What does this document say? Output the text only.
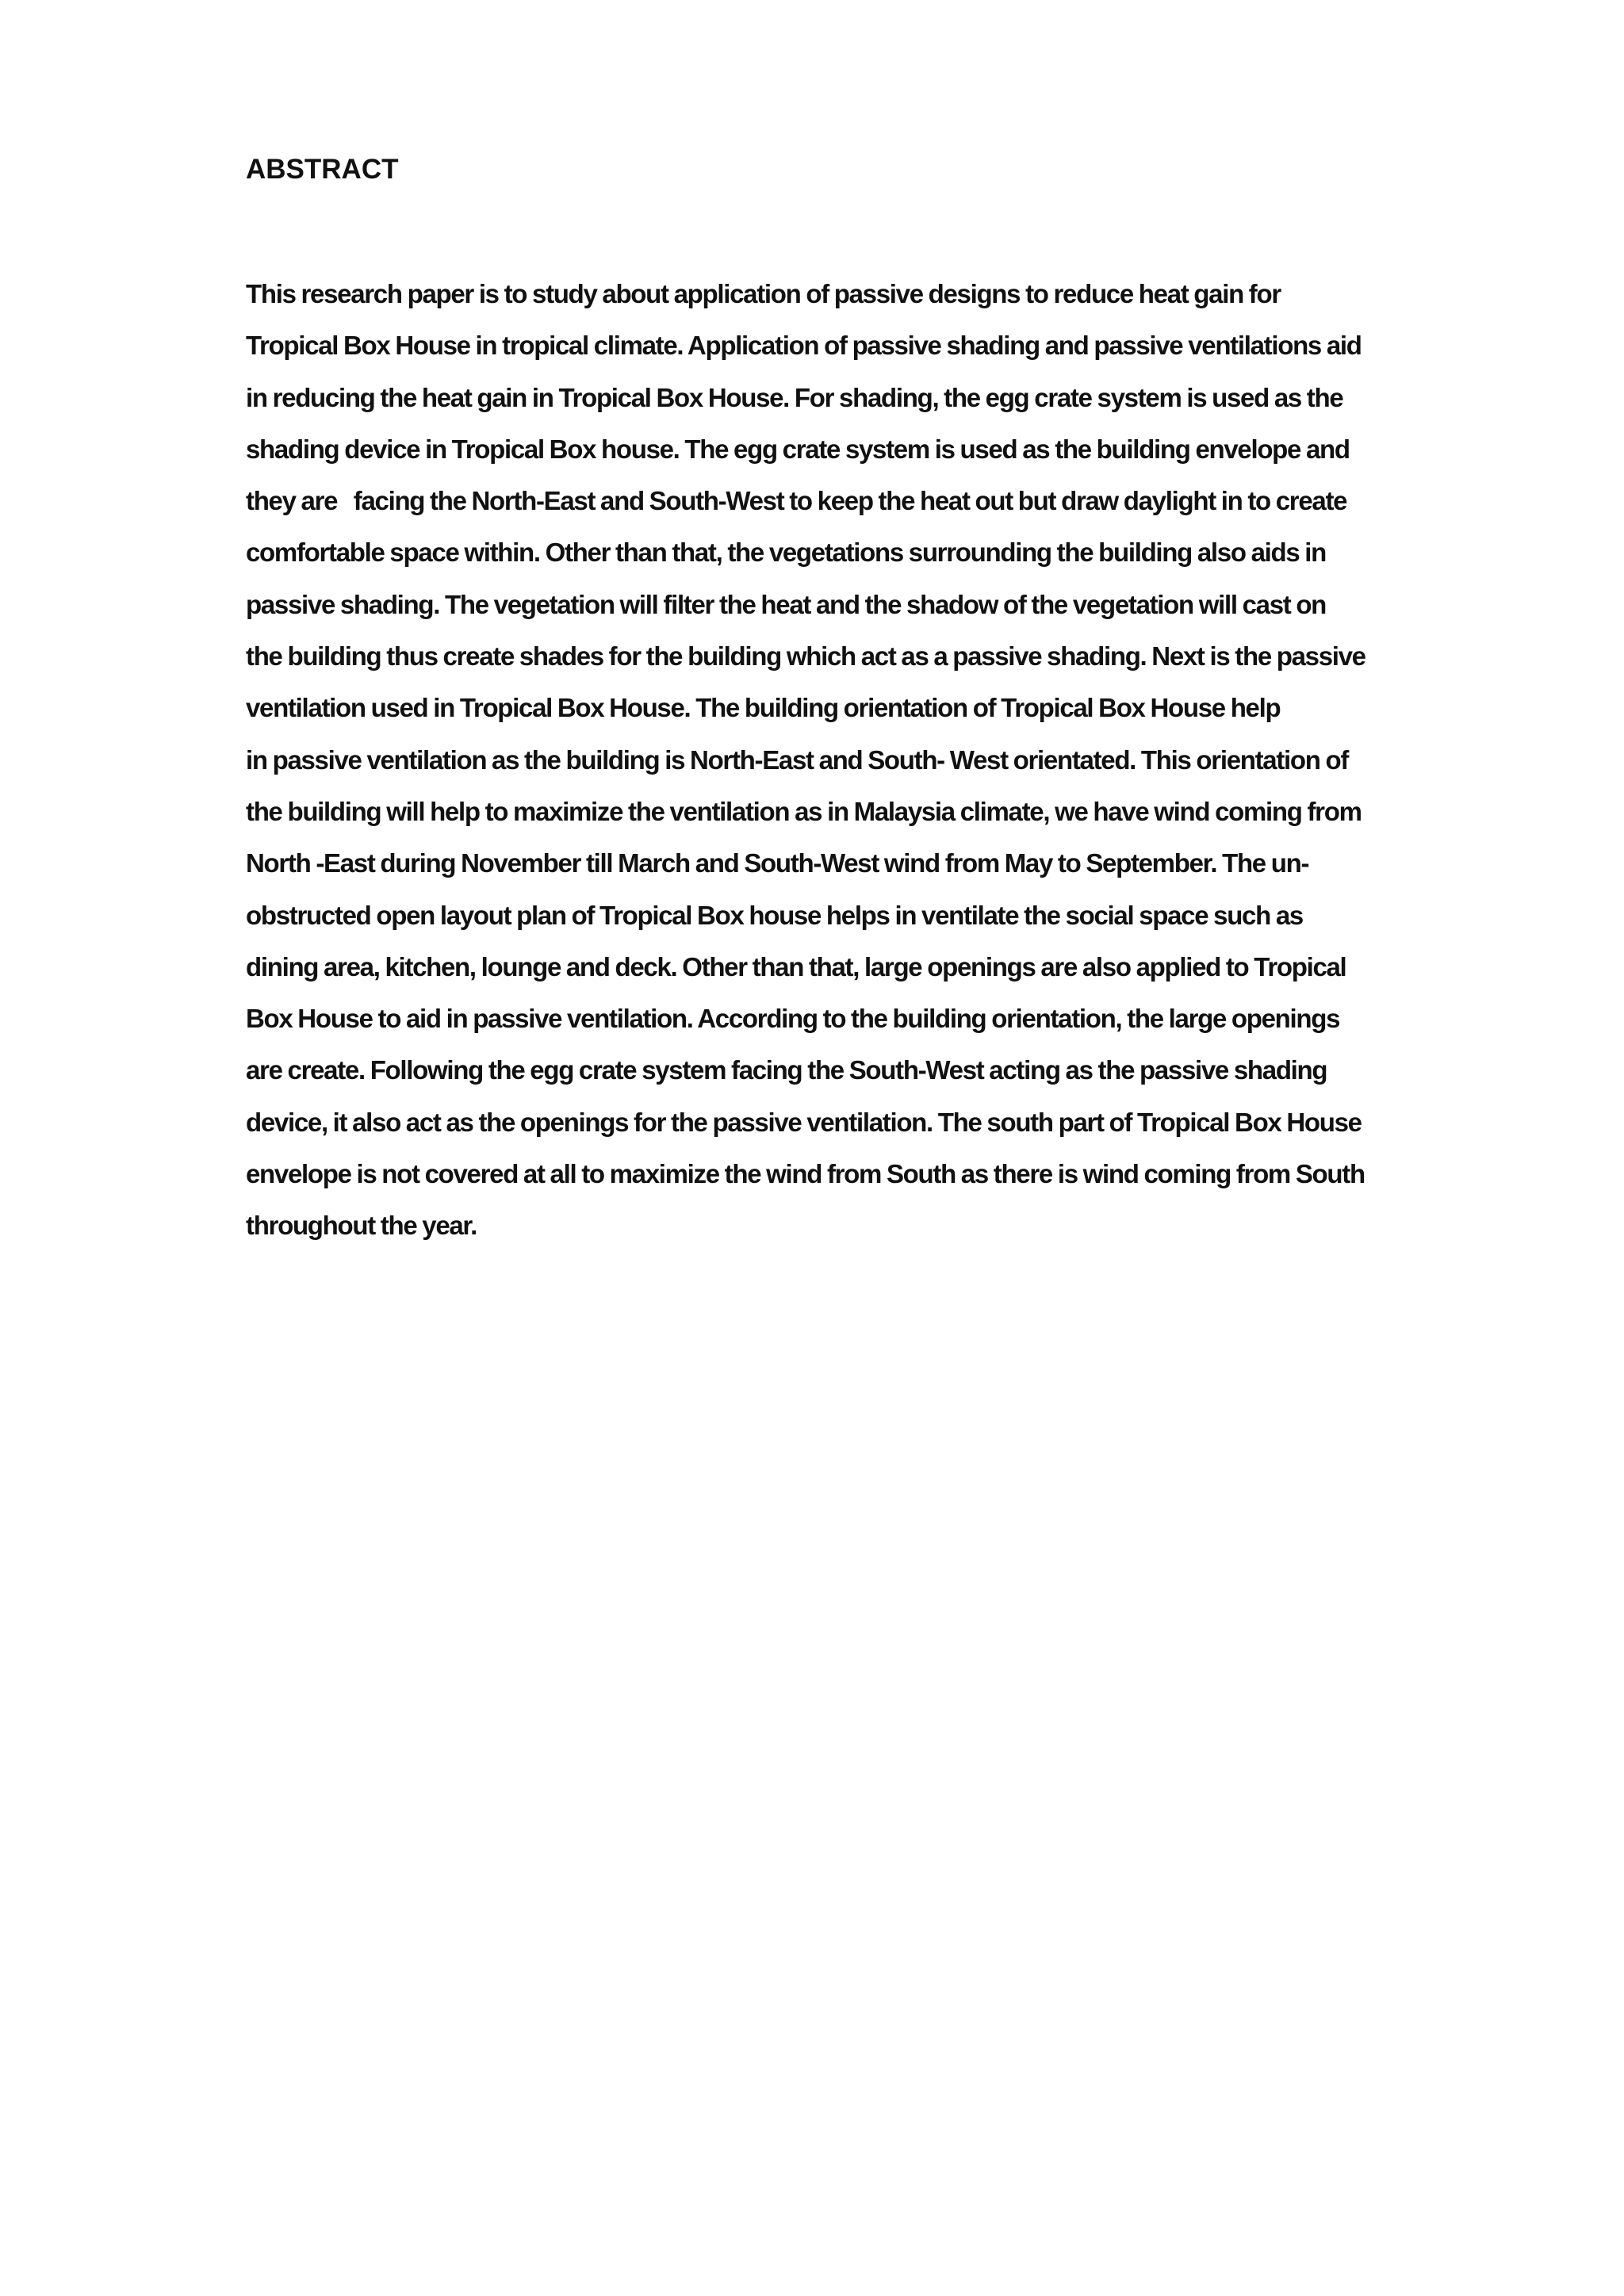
ABSTRACT
This research paper is to study about application of passive designs to reduce heat gain for
Tropical Box House in tropical climate. Application of passive shading and passive ventilations aid
in reducing the heat gain in Tropical Box House. For shading, the egg crate system is used as the
shading device in Tropical Box house. The egg crate system is used as the building envelope and
they are   facing the North-East and South-West to keep the heat out but draw daylight in to create
comfortable space within. Other than that, the vegetations surrounding the building also aids in
passive shading. The vegetation will filter the heat and the shadow of the vegetation will cast on
the building thus create shades for the building which act as a passive shading. Next is the passive
ventilation used in Tropical Box House. The building orientation of Tropical Box House help
in passive ventilation as the building is North-East and South- West orientated. This orientation of
the building will help to maximize the ventilation as in Malaysia climate, we have wind coming from
North -East during November till March and South-West wind from May to September. The un-
obstructed open layout plan of Tropical Box house helps in ventilate the social space such as
dining area, kitchen, lounge and deck. Other than that, large openings are also applied to Tropical
Box House to aid in passive ventilation. According to the building orientation, the large openings
are create. Following the egg crate system facing the South-West acting as the passive shading
device, it also act as the openings for the passive ventilation. The south part of Tropical Box House
envelope is not covered at all to maximize the wind from South as there is wind coming from South
throughout the year.
